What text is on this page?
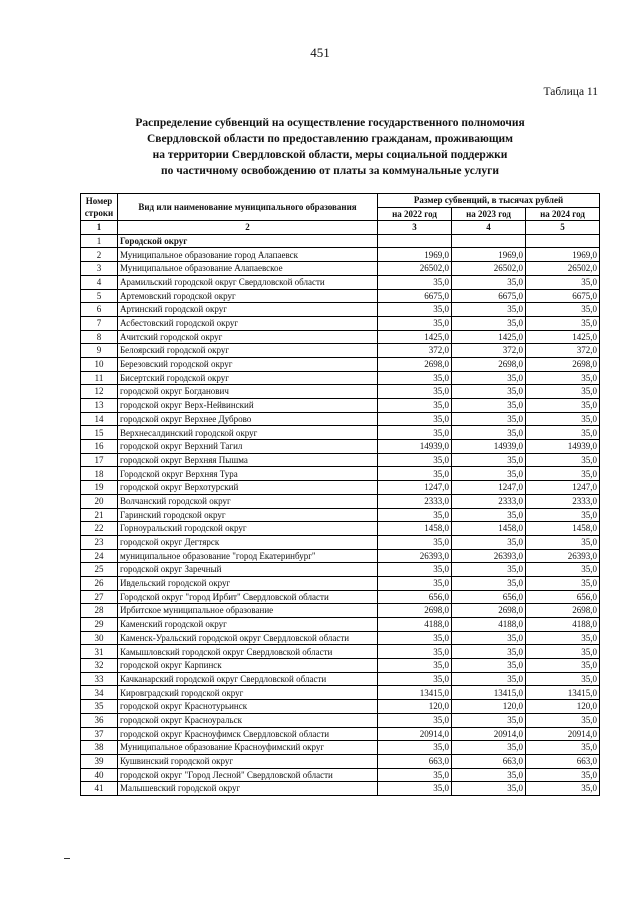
451
Таблица 11
Распределение субвенций на осуществление государственного полномочия
Свердловской области по предоставлению гражданам, проживающим
на территории Свердловской области, меры социальной поддержки
по частичному освобождению от платы за коммунальные услуги
Номер строки	Вид или наименование муниципального образования	Размер субвенций, в тысячах рублей		
		на 2022 год	на 2023 год	на 2024 год
1	2	3	4	5
1	Городской округ			
2	Муниципальное образование город Алапаевск	1969,0	1969,0	1969,0
3	Муниципальное образование Алапаевское	26502,0	26502,0	26502,0
4	Арамильский городской округ Свердловской области	35,0	35,0	35,0
5	Артемовский городской округ	6675,0	6675,0	6675,0
6	Артинский городской округ	35,0	35,0	35,0
7	Асбестовский городской округ	35,0	35,0	35,0
8	Ачитский городской округ	1425,0	1425,0	1425,0
9	Белоярский городской округ	372,0	372,0	372,0
10	Березовский городской округ	2698,0	2698,0	2698,0
11	Бисертский городской округ	35,0	35,0	35,0
12	городской округ Богданович	35,0	35,0	35,0
13	городской округ Верх-Нейвинский	35,0	35,0	35,0
14	городской округ Верхнее Дуброво	35,0	35,0	35,0
15	Верхнесалдинский городской округ	35,0	35,0	35,0
16	городской округ Верхний Тагил	14939,0	14939,0	14939,0
17	городской округ Верхняя Пышма	35,0	35,0	35,0
18	Городской округ Верхняя Тура	35,0	35,0	35,0
19	городской округ Верхотурский	1247,0	1247,0	1247,0
20	Волчанский городской округ	2333,0	2333,0	2333,0
21	Гаринский городской округ	35,0	35,0	35,0
22	Горноуральский городской округ	1458,0	1458,0	1458,0
23	городской округ Дегтярск	35,0	35,0	35,0
24	муниципальное образование "город Екатеринбург"	26393,0	26393,0	26393,0
25	городской округ Заречный	35,0	35,0	35,0
26	Ивдельский городской округ	35,0	35,0	35,0
27	Городской округ "город Ирбит" Свердловской области	656,0	656,0	656,0
28	Ирбитское муниципальное образование	2698,0	2698,0	2698,0
29	Каменский городской округ	4188,0	4188,0	4188,0
30	Каменск-Уральский городской округ Свердловской области	35,0	35,0	35,0
31	Камышловский городской округ Свердловской области	35,0	35,0	35,0
32	городской округ Карпинск	35,0	35,0	35,0
33	Качканарский городской округ Свердловской области	35,0	35,0	35,0
34	Кировградский городской округ	13415,0	13415,0	13415,0
35	городской округ Краснотурьинск	120,0	120,0	120,0
36	городской округ Красноуральск	35,0	35,0	35,0
37	городской округ Красноуфимск Свердловской области	20914,0	20914,0	20914,0
38	Муниципальное образование Красноуфимский округ	35,0	35,0	35,0
39	Кушвинский городской округ	663,0	663,0	663,0
40	городской округ "Город Лесной" Свердловской области	35,0	35,0	35,0
41	Малышевский городской округ	35,0	35,0	35,0
